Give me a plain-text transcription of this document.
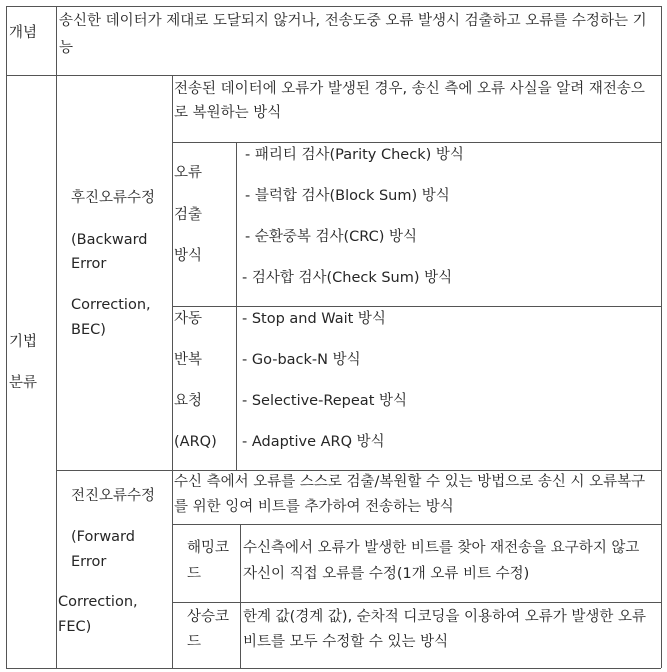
개념
송신한 데이터가 제대로 도달되지 않거나, 전송도중 오류 발생시 검출하고 오류를 수정하는 기
능
기법
분류
후진오류수정
(Backward
Error
Correction,
BEC)
전송된 데이터에 오류가 발생된 경우, 송신 측에 오류 사실을 알려 재전송으
로 복원하는 방식
오류
검출
방식
- 패리티 검사(Parity Check) 방식
- 블럭합 검사(Block Sum) 방식
- 순환중복 검사(CRC) 방식
- 검사합 검사(Check Sum) 방식
자동
반복
요청
(ARQ)
- Stop and Wait 방식
- Go-back-N 방식
- Selective-Repeat 방식
- Adaptive ARQ 방식
전진오류수정
(Forward
Error
Correction,
FEC)
수신 측에서 오류를 스스로 검출/복원할 수 있는 방법으로 송신 시 오류복구
를 위한 잉여 비트를 추가하여 전송하는 방식
해밍코
드
수신측에서 오류가 발생한 비트를 찾아 재전송을 요구하지 않고
자신이 직접 오류를 수정(1개 오류 비트 수정)
상승코
드
한계 값(경계 값), 순차적 디코딩을 이용하여 오류가 발생한 오류
비트를 모두 수정할 수 있는 방식
